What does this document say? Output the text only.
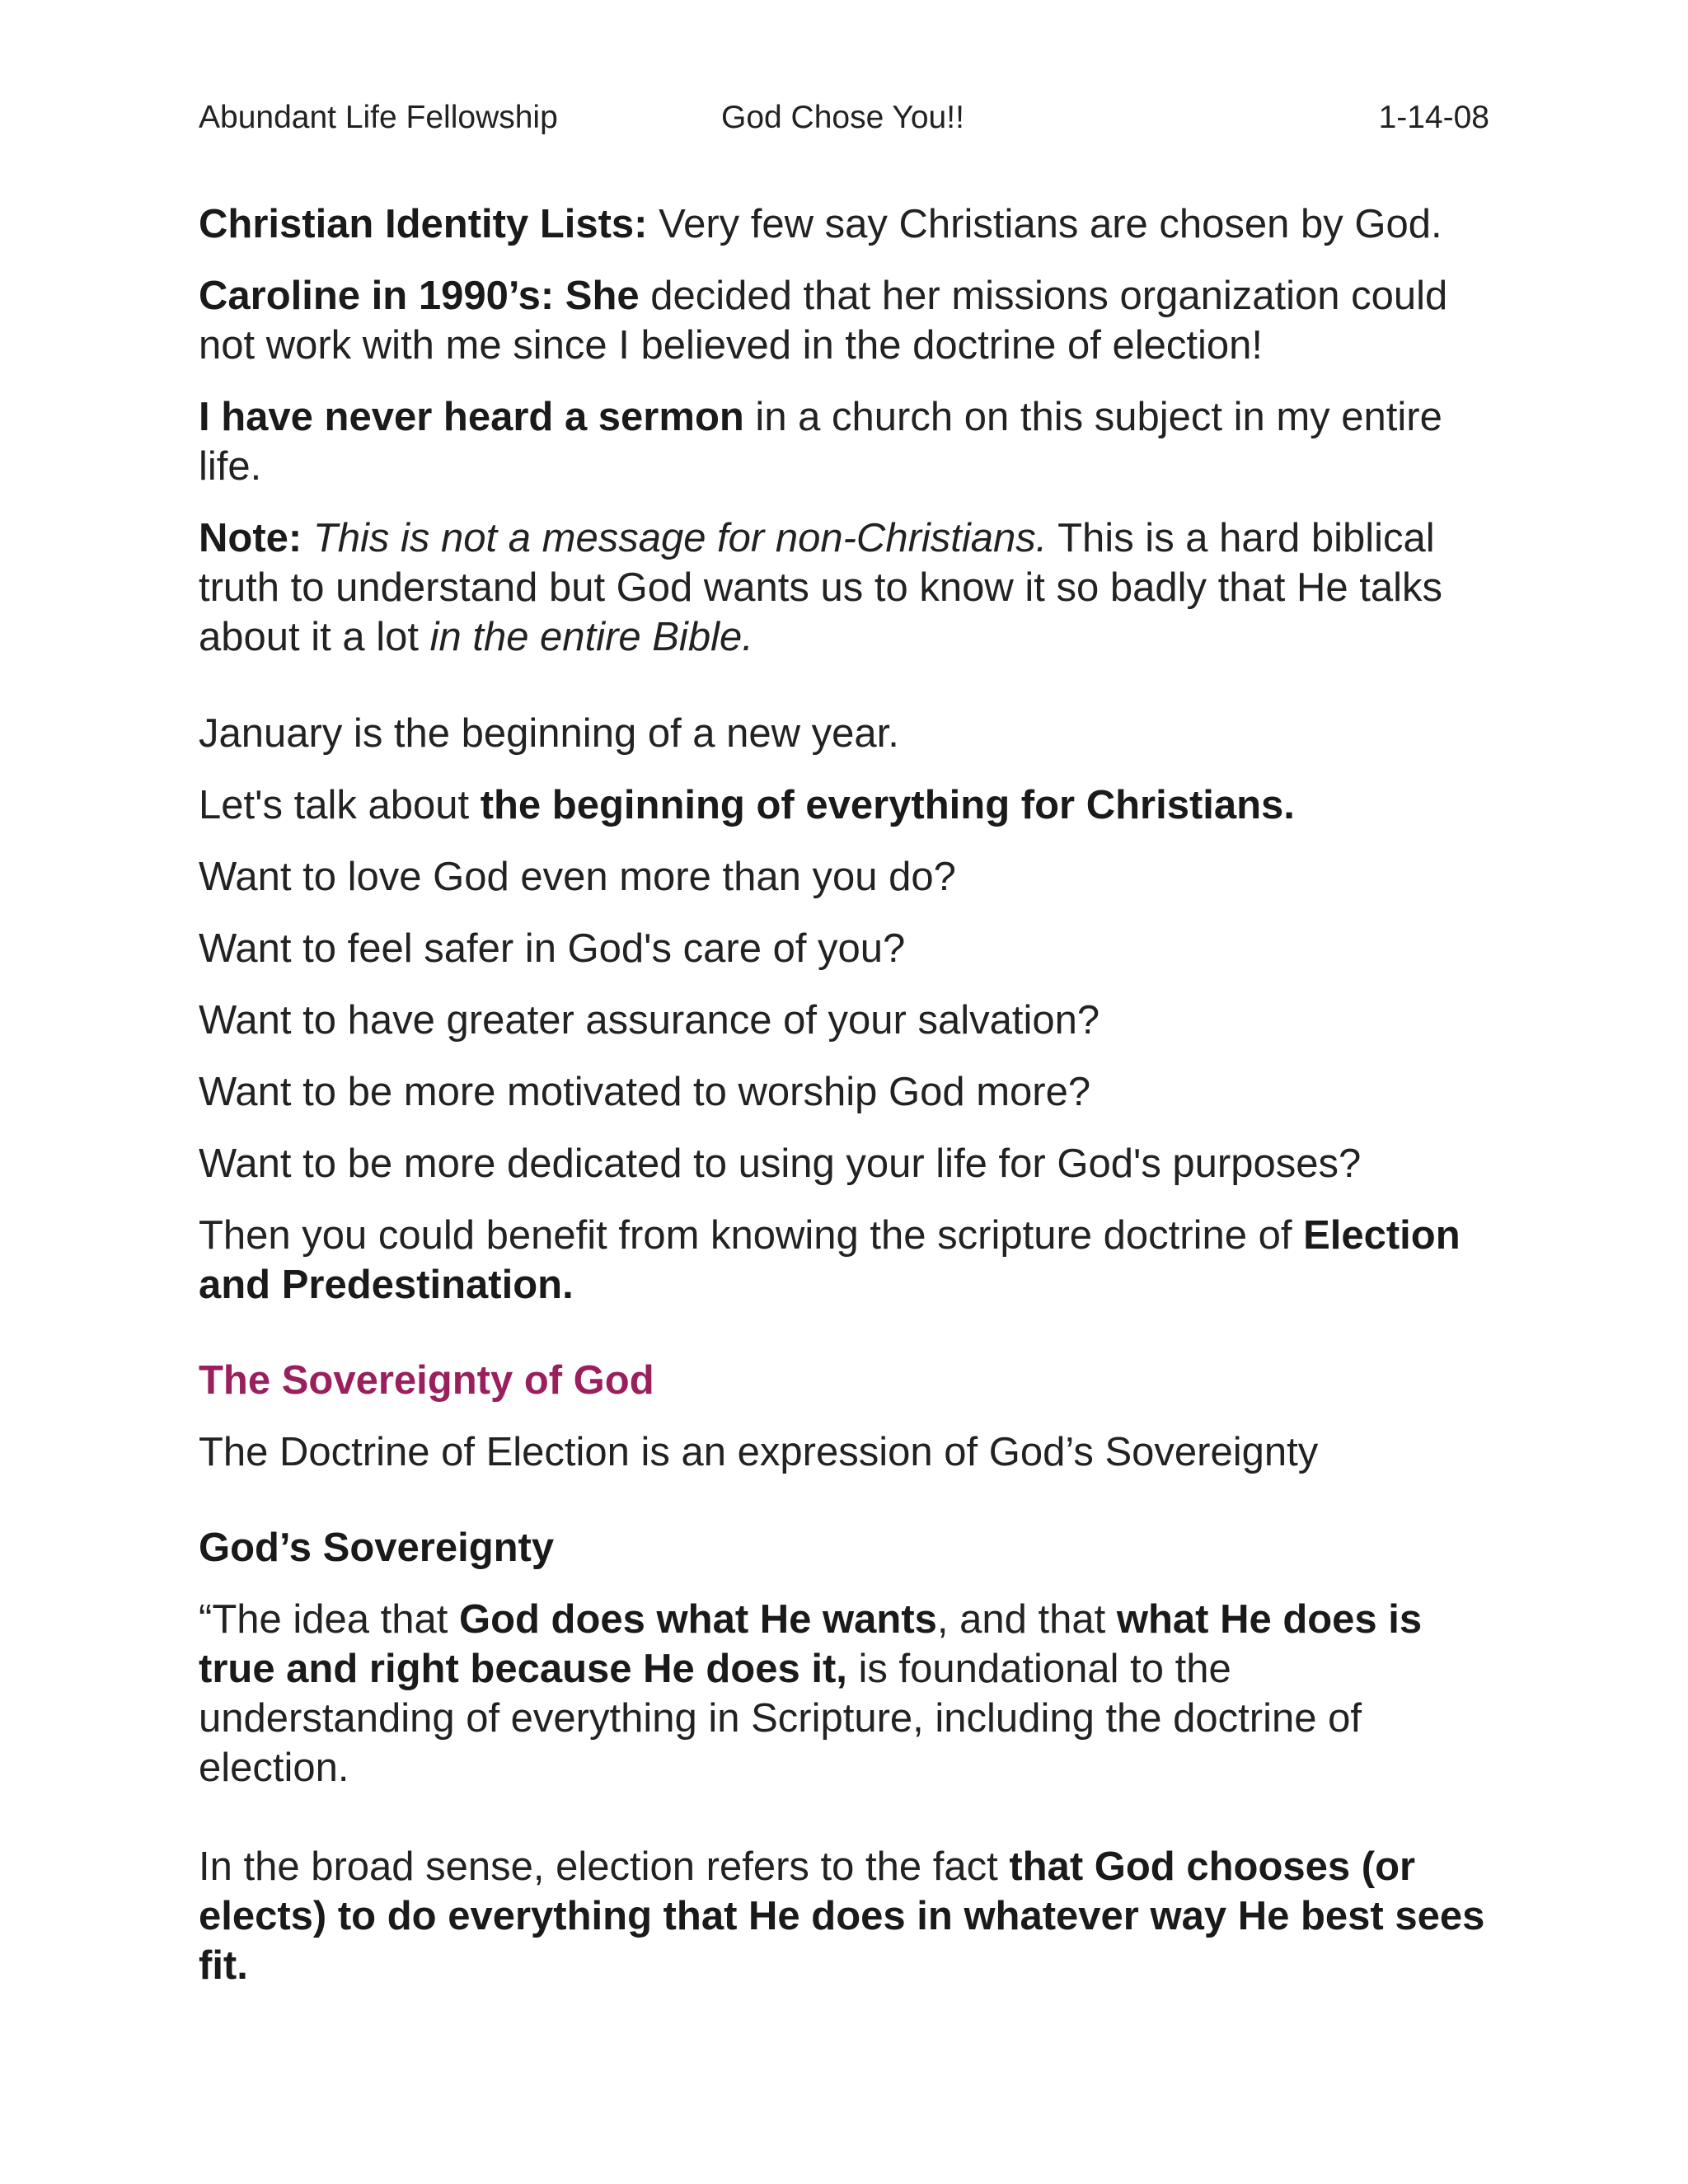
Abundant Life Fellowship	God Chose You!!	1-14-08

Christian Identity Lists: Very few say Christians are chosen by God.

Caroline in 1990’s: She decided that her missions organization could not work with me since I believed in the doctrine of election!

I have never heard a sermon in a church on this subject in my entire life.

Note: This is not a message for non-Christians. This is a hard biblical truth to understand but God wants us to know it so badly that He talks about it a lot in the entire Bible.

January is the beginning of a new year.

Let's talk about the beginning of everything for Christians.

Want to love God even more than you do?

Want to feel safer in God's care of you?

Want to have greater assurance of your salvation?

Want to be more motivated to worship God more?

Want to be more dedicated to using your life for God's purposes?

Then you could benefit from knowing the scripture doctrine of Election and Predestination.

The Sovereignty of God

The Doctrine of Election is an expression of God’s Sovereignty

God’s Sovereignty

“The idea that God does what He wants, and that what He does is true and right because He does it, is foundational to the understanding of everything in Scripture, including the doctrine of election.

In the broad sense, election refers to the fact that God chooses (or elects) to do everything that He does in whatever way He best sees fit.
